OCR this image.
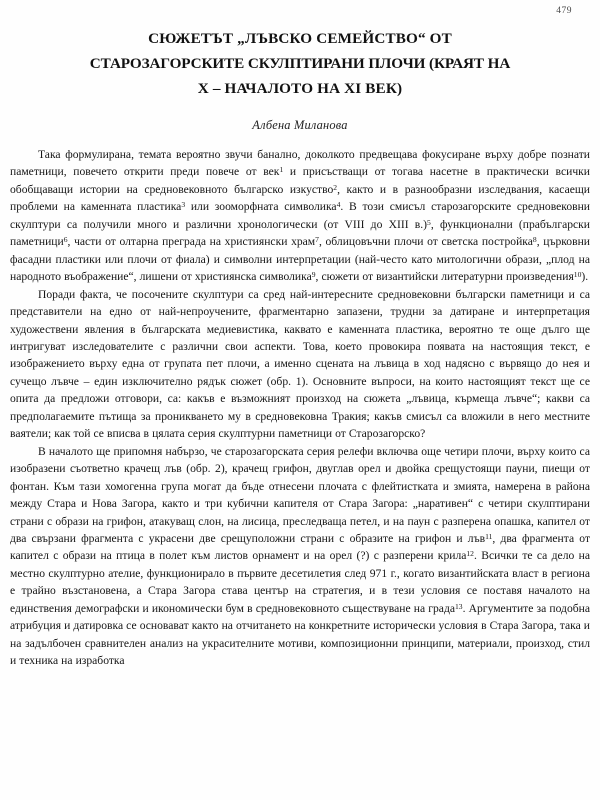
479
СЮЖЕТЪТ „ЛЪВСКО СЕМЕЙСТВО“ ОТ
СТАРОЗАГОРСКИТЕ СКУЛПТИРАНИ ПЛОЧИ (КРАЯТ НА
X – НАЧАЛОТО НА XI ВЕК)
Албена Миланова

Така формулирана, темата вероятно звучи банално, доколкото предвещава фокусиране върху добре познати паметници, повечето открити преди повече от век$^1$ и присъстващи от тогава насетне в практически всички обобщаващи истории на средновековното българско изкуство$^2$, както и в разнообразни изследвания, касаещи проблеми на каменната пластика$^3$ или зооморфната символика$^4$. В този смисъл старозагорските средновековни скулптури са получили много и различни хронологически (от VIII до XIII в.)$^5$, функционални (прабългарски паметници$^6$, части от олтарна преграда на християнски храм$^7$, облицовъчни плочи от светска постройка$^8$, църковни фасадни пластики или плочи от фиала) и символни интерпретации (най-често като митологични образи, „плод на народното въображение“, лишени от християнска символика$^9$, сюжети от византийски литературни произведения$^{10}$).

Поради факта, че посочените скулптури са сред най-интересните средновековни български паметници и са представители на едно от най-непроучените, фрагментарно запазени, трудни за датиране и интерпретация художествени явления в българската медиевистика, каквато е каменната пластика, вероятно те още дълго ще интригуват изследователите с различни свои аспекти. Това, което провокира появата на настоящия текст, е изображението върху една от групата пет плочи, а именно сцената на лъвица в ход надясно с вървящо до нея и сучещо лъвче – един изключително рядък сюжет (обр. 1). Основните въпроси, на които настоящият текст ще се опита да предложи отговори, са: какъв е възможният произход на сюжета „лъвица, кърмеща лъвче“; какви са предполагаемите пътища за проникването му в средновековна Тракия; какъв смисъл са вложили в него местните ваятели; как той се вписва в цялата серия скулптурни паметници от Старозагорско?

В началото ще припомня набързо, че старозагорската серия релефи включва още четири плочи, върху които са изобразени съответно крачещ лъв (обр. 2), крачещ грифон, двуглав орел и двойка срещустоящи пауни, пиещи от фонтан. Към тази хомогенна група могат да бъде отнесени плочата с флейтистката и змията, намерена в района между Стара и Нова Загора, както и три кубични капителя от Стара Загора: „наративен“ с четири скулптирани страни с образи на грифон, атакуващ слон, на лисица, преследваща петел, и на паун с разперена опашка, капител от два свързани фрагмента с украсени две срещуположни страни с образите на грифон и лъв$^{11}$, два фрагмента от капител с образи на птица в полет към листов орнамент и на орел (?) с разперени крила$^{12}$. Всички те са дело на местно скулптурно ателие, функционирало в първите десетилетия след 971 г., когато византийската власт в региона е трайно възстановена, а Стара Загора става център на стратегия, и в тези условия се поставя началото на единствения демографски и икономически бум в средновековното съществуване на града$^{13}$. Аргументите за подобна атрибуция и датировка се основават както на отчитането на конкретните исторически условия в Стара Загора, така и на задълбочен сравнителен анализ на украсителните мотиви, композиционни принципи, материали, произход, стил и техника на изработка
